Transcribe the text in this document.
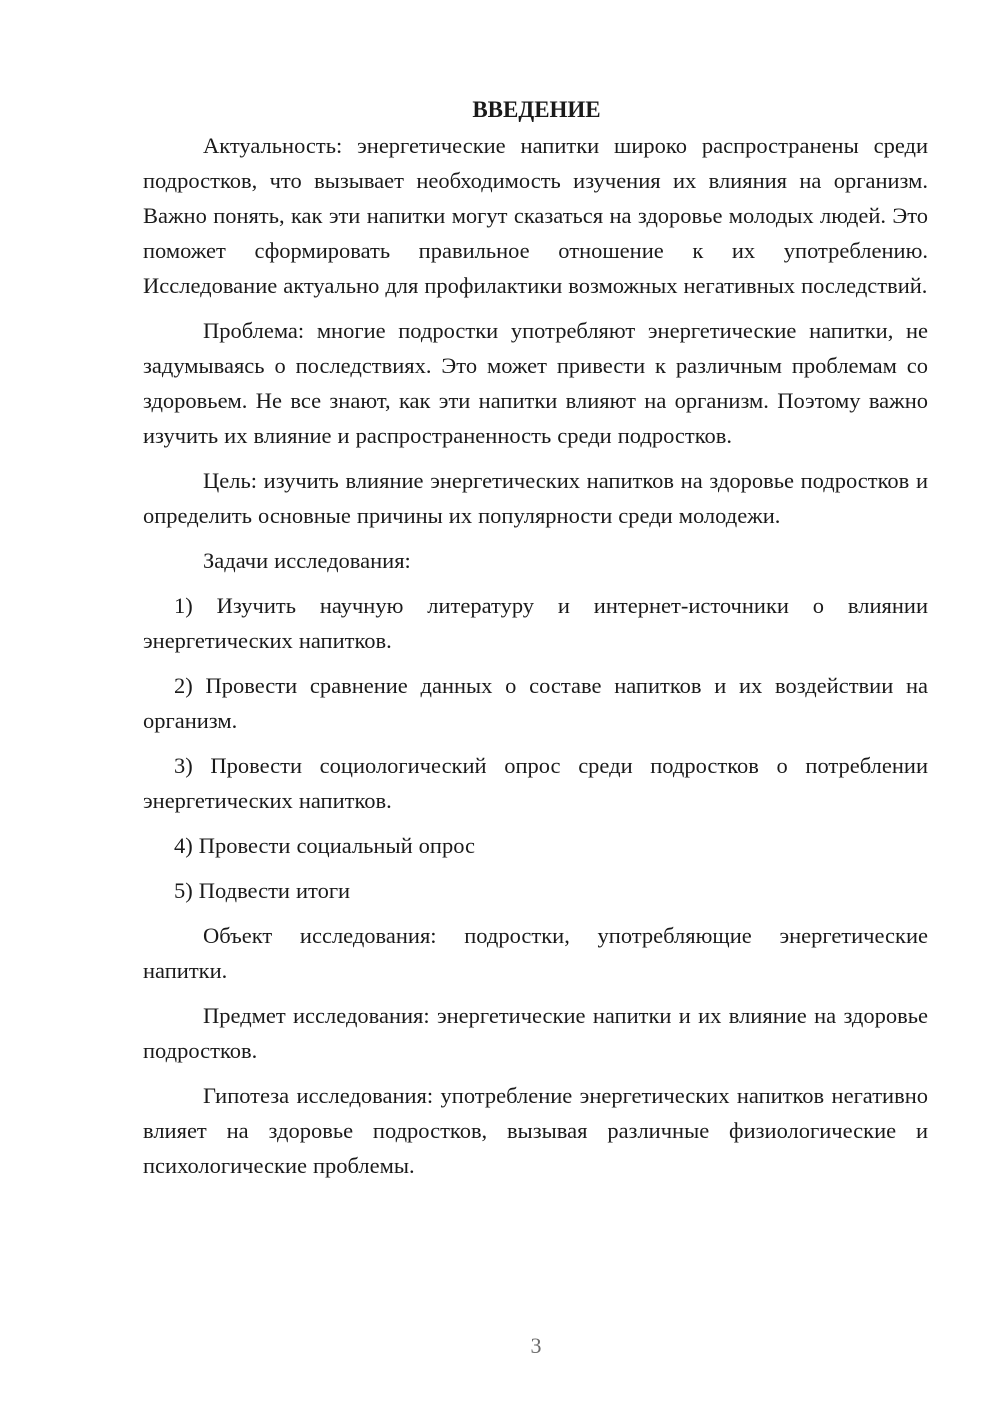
ВВЕДЕНИЕ

Актуальность: энергетические напитки широко распространены среди подростков, что вызывает необходимость изучения их влияния на организм. Важно понять, как эти напитки могут сказаться на здоровье молодых людей. Это поможет сформировать правильное отношение к их употреблению. Исследование актуально для профилактики возможных негативных последствий.

Проблема: многие подростки употребляют энергетические напитки, не задумываясь о последствиях. Это может привести к различным проблемам со здоровьем. Не все знают, как эти напитки влияют на организм. Поэтому важно изучить их влияние и распространенность среди подростков.

Цель: изучить влияние энергетических напитков на здоровье подростков и определить основные причины их популярности среди молодежи.

Задачи исследования:

1) Изучить научную литературу и интернет-источники о влиянии энергетических напитков.

2) Провести сравнение данных о составе напитков и их воздействии на организм.

3) Провести социологический опрос среди подростков о потреблении энергетических напитков.

4) Провести социальный опрос

5) Подвести итоги

Объект исследования: подростки, употребляющие энергетические напитки.

Предмет исследования: энергетические напитки и их влияние на здоровье подростков.

Гипотеза исследования: употребление энергетических напитков негативно влияет на здоровье подростков, вызывая различные физиологические и психологические проблемы.

3
